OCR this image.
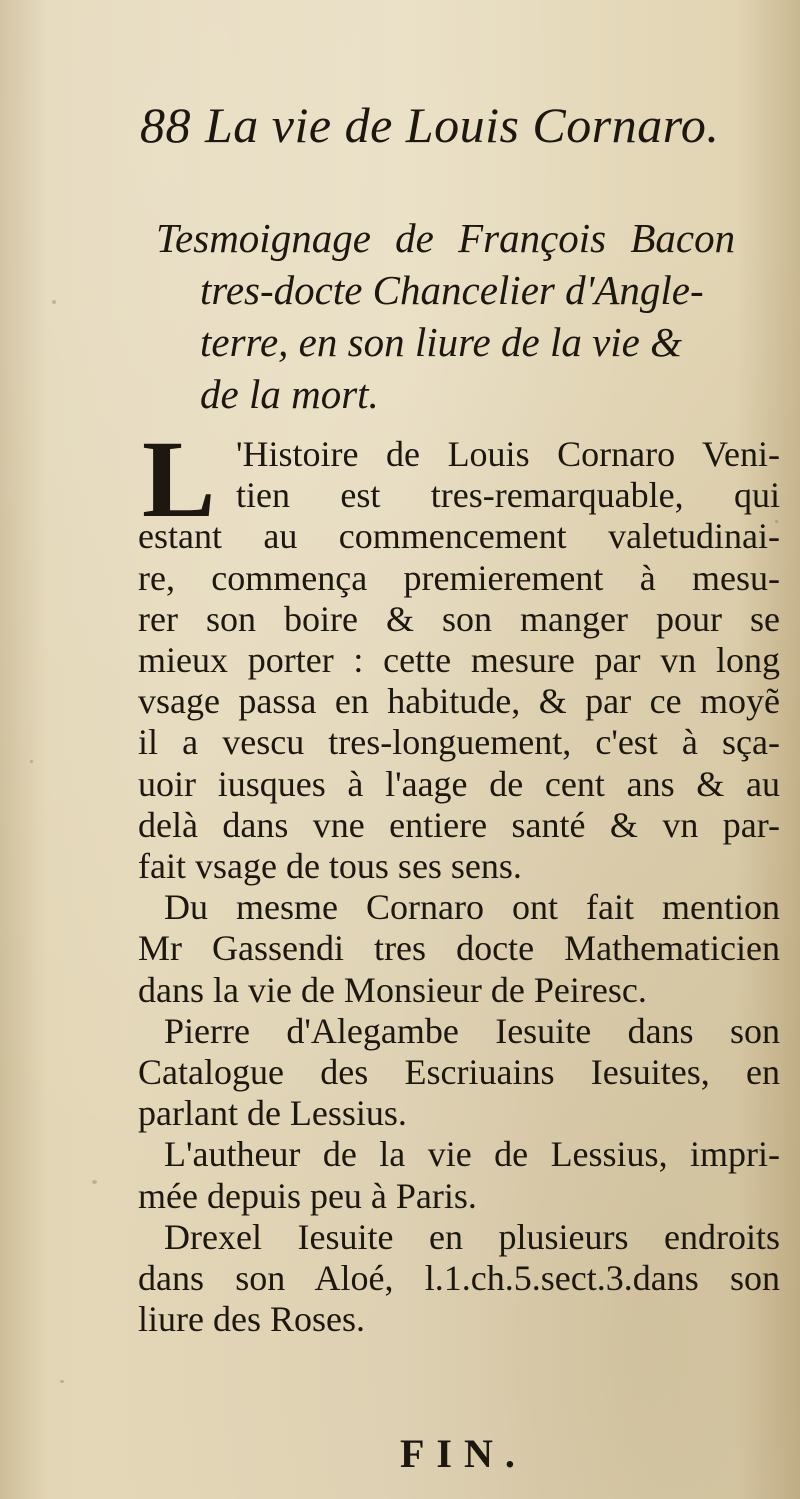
88 La vie de Louis Cornaro.
Tesmoignage de François Bacon
tres-docte Chancelier d'Angle-
terre, en son liure de la vie &
de la mort.
L 'Histoire de Louis Cornaro Veni-
tien est tres-remarquable, qui
estant au commencement valetudinai-
re, commença premierement à mesu-
rer son boire & son manger pour se
mieux porter : cette mesure par vn long
vsage passa en habitude, & par ce moyẽ
il a vescu tres-longuement, c'est à sça-
uoir iusques à l'aage de cent ans & au
delà dans vne entiere santé & vn par-
fait vsage de tous ses sens.
Du mesme Cornaro ont fait mention
Mr Gassendi tres docte Mathematicien
dans la vie de Monsieur de Peiresc.
Pierre d'Alegambe Iesuite dans son
Catalogue des Escriuains Iesuites, en
parlant de Lessius.
L'autheur de la vie de Lessius, impri-
mée depuis peu à Paris.
Drexel Iesuite en plusieurs endroits
dans son Aloé, l.1.ch.5.sect.3.dans son
liure des Roses.
FIN.
